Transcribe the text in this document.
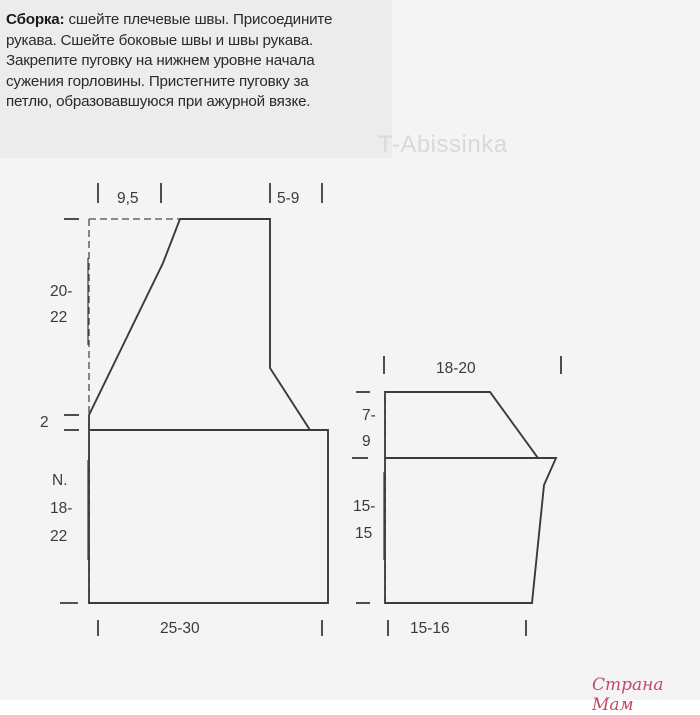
Сборка: сшейте плечевые швы. Присоедините
рукава. Сшейте боковые швы и швы рукава.
Закрепите пуговку на нижнем уровне начала
сужения горловины. Пристегните пуговку за
петлю, образовавшуюся при ажурной вязке.

T-Abissinka
9,5	5-9
20-
22
2
N.
18-
22
25-30
18-20
7-
9
15-
15
15-16
Страна Мам
